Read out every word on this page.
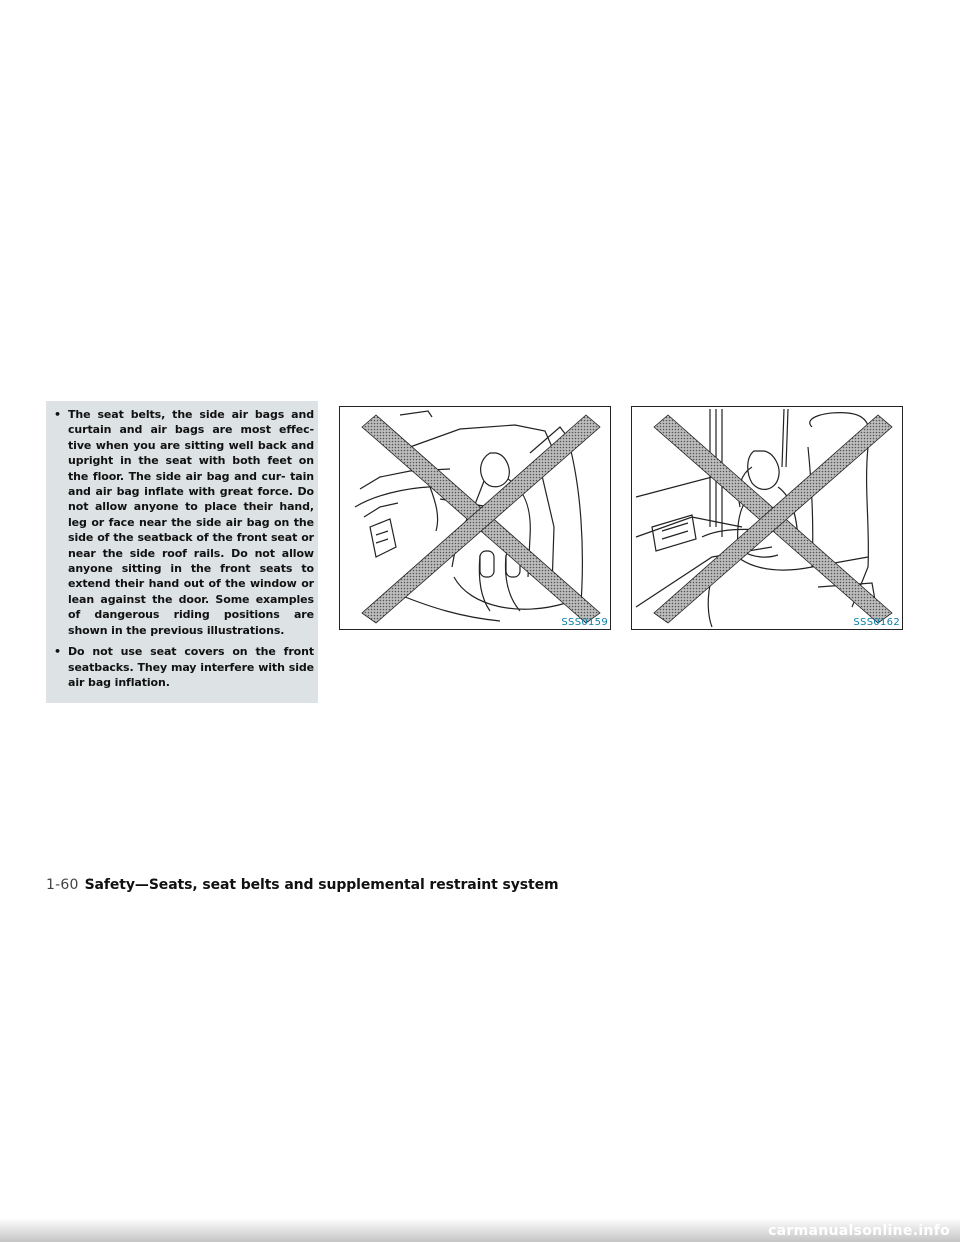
• The seat belts, the side air bags and curtain and air bags are most effec- tive when you are sitting well back and upright in the seat with both feet on the floor. The side air bag and cur- tain and air bag inflate with great force. Do not allow anyone to place their hand, leg or face near the side air bag on the side of the seatback of the front seat or near the side roof rails. Do not allow anyone sitting in the front seats to extend their hand out of the window or lean against the door. Some examples of dangerous riding positions are shown in the previous illustrations.
• Do not use seat covers on the front seatbacks. They may interfere with side air bag inflation.
SSS0159	SSS0162
1-60 Safety—Seats, seat belts and supplemental restraint system
carmanualsonline.info
